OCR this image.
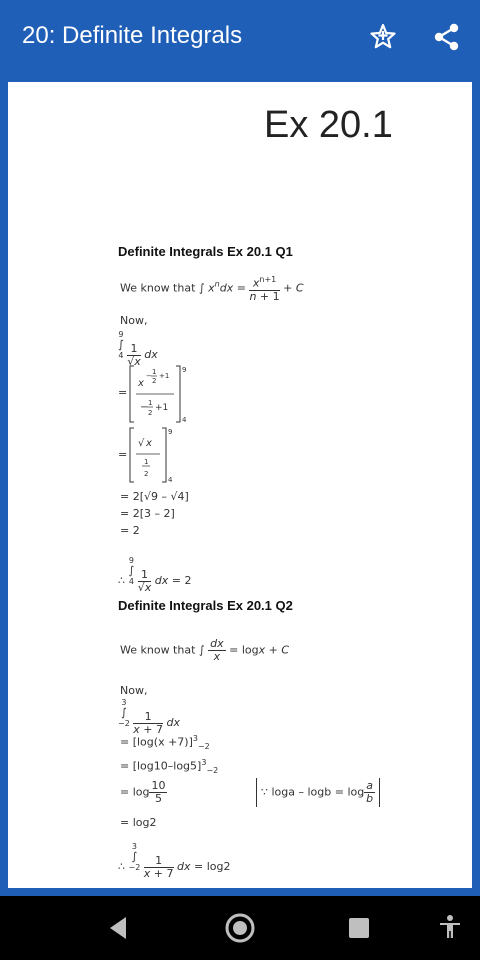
20: Definite Integrals
Ex 20.1
Definite Integrals Ex 20.1 Q1
We know that ∫ $x^ndx = \frac{x^{n+1}}{n + 1} + C$
Now,
9
∫
$4 \frac{1}{√x}$ dx
=
x
− 1
2
+1
− 1
2 +1
9
4
=
√ x
1
2
9
4
= 2[√9 – √4]
= 2[3 – 2]
= 2
∴ 9
∫
$4 \frac{1}{√x}$ dx = 2
Definite Integrals Ex 20.1 Q2
We know that ∫ $\frac{dx}{x} = \log x + C$
Now,
3
∫
$-2 \frac{1}{x + 7}$ dx
= $[\log(x +7)]^3_{-2}$
= $[\log 10-\log 5]^3_{-2}$
= $\log \frac{10}{5}$	∵ $\log a - \log b = \log \frac{a}{b}$
= log2
∴ 3
∫
$-2 \frac{1}{x + 7}$ dx = log2
